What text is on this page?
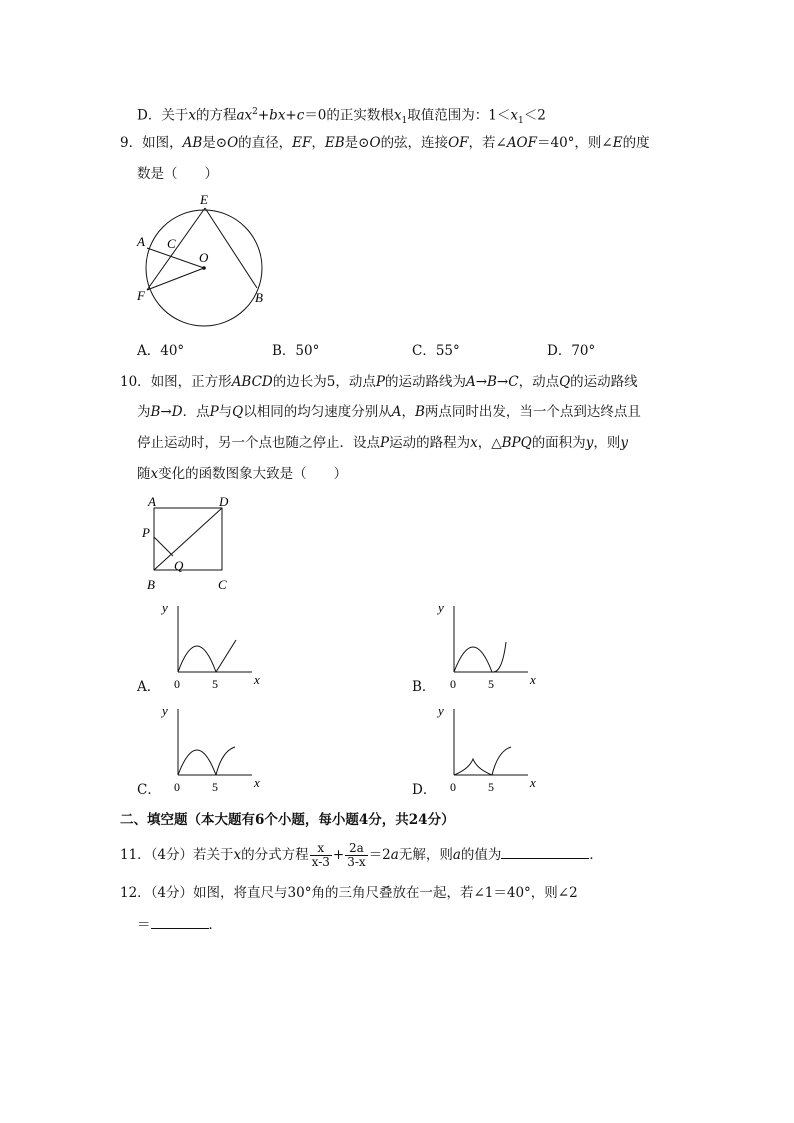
D．关于x的方程$ax^2+bx+c=0$的正实数根$x_1$取值范围为：$1<x_1<2$
9．如图，AB是⊙O的直径，EF，EB是⊙O的弦，连接OF，若∠AOF＝40°，则∠E的度
数是（　　）
E
A C
O
F	B
A．40°	B．50°	C．55°	D．70°
10．如图，正方形ABCD的边长为5，动点P的运动路线为A→B→C，动点Q的运动路线
为B→D．点P与Q以相同的均匀速度分别从A，B两点同时出发，当一个点到达终点且
停止运动时，另一个点也随之停止．设点P运动的路程为x，△BPQ的面积为y，则y
随x变化的函数图象大致是（　　）
A	D
P
Q
B	C
A．
y
x
0	5	B．
y
x
0	5
C．
y
x
0	5	D．
y
x
0	5
二、填空题（本大题有6个小题，每小题4分，共24分）
11．（4分）若关于x的分式方程 $\frac{x}{x-3} + \frac{2a}{3-x} =2a$无解，则a的值为	．
12．（4分）如图，将直尺与30°角的三角尺叠放在一起，若∠1＝40°，则∠2
＝	．
